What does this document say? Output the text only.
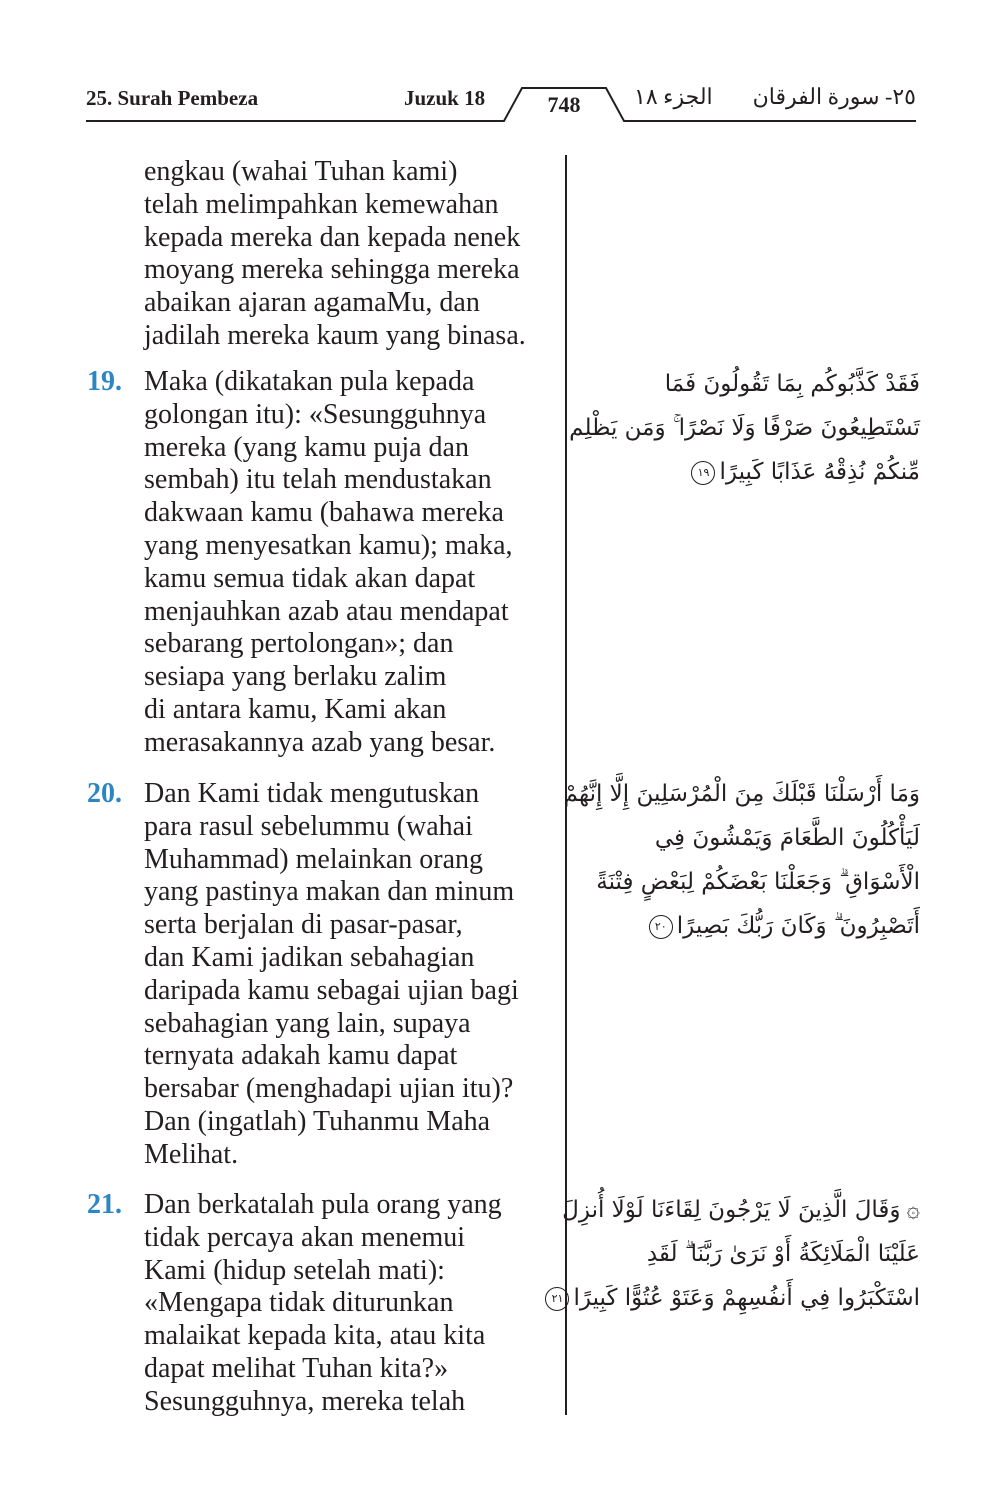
25. Surah Pembeza	Juzuk 18	748	الجزء ١٨ ٢٥- سورة الفرقان
engkau (wahai Tuhan kami)
telah melimpahkan kemewahan
kepada mereka dan kepada nenek
moyang mereka sehingga mereka
abaikan ajaran agamaMu, dan
jadilah mereka kaum yang binasa.
19. Maka (dikatakan pula kepada
golongan itu): «Sesungguhnya
mereka (yang kamu puja dan
sembah) itu telah mendustakan
dakwaan kamu (bahawa mereka
yang menyesatkan kamu); maka,
kamu semua tidak akan dapat
menjauhkan azab atau mendapat
sebarang pertolongan»; dan
sesiapa yang berlaku zalim
di antara kamu, Kami akan
merasakannya azab yang besar.
فَقَدْ كَذَّبُوكُم بِمَا تَقُولُونَ فَمَا
تَسْتَطِيعُونَ صَرْفًا وَلَا نَصْرًا ۚ وَمَن يَظْلِم
مِّنكُمْ نُذِقْهُ عَذَابًا كَبِيرًا١٩
20. Dan Kami tidak mengutuskan
para rasul sebelummu (wahai
Muhammad) melainkan orang
yang pastinya makan dan minum
serta berjalan di pasar-pasar,
dan Kami jadikan sebahagian
daripada kamu sebagai ujian bagi
sebahagian yang lain, supaya
ternyata adakah kamu dapat
bersabar (menghadapi ujian itu)?
Dan (ingatlah) Tuhanmu Maha
Melihat.
وَمَا أَرْسَلْنَا قَبْلَكَ مِنَ الْمُرْسَلِينَ إِلَّا إِنَّهُمْ
لَيَأْكُلُونَ الطَّعَامَ وَيَمْشُونَ فِي
الْأَسْوَاقِ ۗ وَجَعَلْنَا بَعْضَكُمْ لِبَعْضٍ فِتْنَةً
أَتَصْبِرُونَ ۗ وَكَانَ رَبُّكَ بَصِيرًا٢٠
21. Dan berkatalah pula orang yang
tidak percaya akan menemui
Kami (hidup setelah mati):
«Mengapa tidak diturunkan
malaikat kepada kita, atau kita
dapat melihat Tuhan kita?»
Sesungguhnya, mereka telah
۞وَقَالَ الَّذِينَ لَا يَرْجُونَ لِقَاءَنَا لَوْلَا أُنزِلَ
عَلَيْنَا الْمَلَائِكَةُ أَوْ نَرَىٰ رَبَّنَا ۗ لَقَدِ
اسْتَكْبَرُوا فِي أَنفُسِهِمْ وَعَتَوْ عُتُوًّا كَبِيرًا٢١
